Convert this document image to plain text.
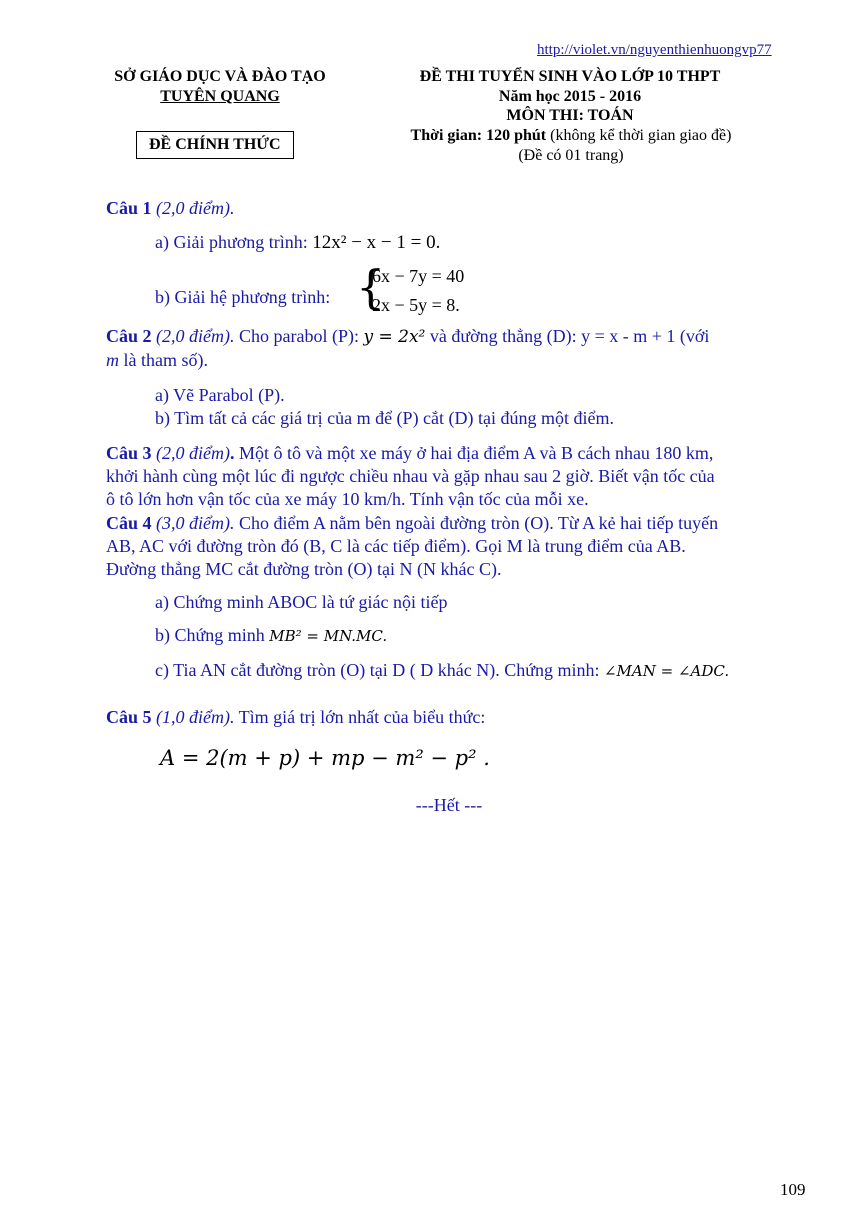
http://violet.vn/nguyenthienhuongvp77
SỞ GIÁO DỤC VÀ ĐÀO TẠO
TUYÊN QUANG
ĐỀ CHÍNH THỨC
ĐỀ THI TUYỂN SINH VÀO LỚP 10 THPT
Năm học 2015 - 2016
MÔN THI: TOÁN
Thời gian: 120 phút (không kể thời gian giao đề)
(Đề có 01 trang)
Câu 1 (2,0 điểm).
a) Giải phương trình: 12x² − x − 1 = 0.
b) Giải hệ phương trình: {
6x − 7y = 40
2x − 5y = 8.
Câu 2 (2,0 điểm). Cho parabol (P): y = 2x² và đường thẳng (D): y = x - m + 1 (với
m là tham số).
a) Vẽ Parabol (P).
b) Tìm tất cả các giá trị của m để (P) cắt (D) tại đúng một điểm.
Câu 3 (2,0 điểm). Một ô tô và một xe máy ở hai địa điểm A và B cách nhau 180 km,
khởi hành cùng một lúc đi ngược chiều nhau và gặp nhau sau 2 giờ. Biết vận tốc của
ô tô lớn hơn vận tốc của xe máy 10 km/h. Tính vận tốc của mỗi xe.
Câu 4 (3,0 điểm). Cho điểm A nằm bên ngoài đường tròn (O). Từ A kẻ hai tiếp tuyến
AB, AC với đường tròn đó (B, C là các tiếp điểm). Gọi M là trung điểm của AB.
Đường thẳng MC cắt đường tròn (O) tại N (N khác C).
a) Chứng minh ABOC là tứ giác nội tiếp
b) Chứng minh MB² = MN.MC.
c) Tia AN cắt đường tròn (O) tại D ( D khác N). Chứng minh: ∠MAN = ∠ADC.
Câu 5 (1,0 điểm). Tìm giá trị lớn nhất của biểu thức:
A = 2(m + p) + mp − m² − p² .
---Hết ---
109
